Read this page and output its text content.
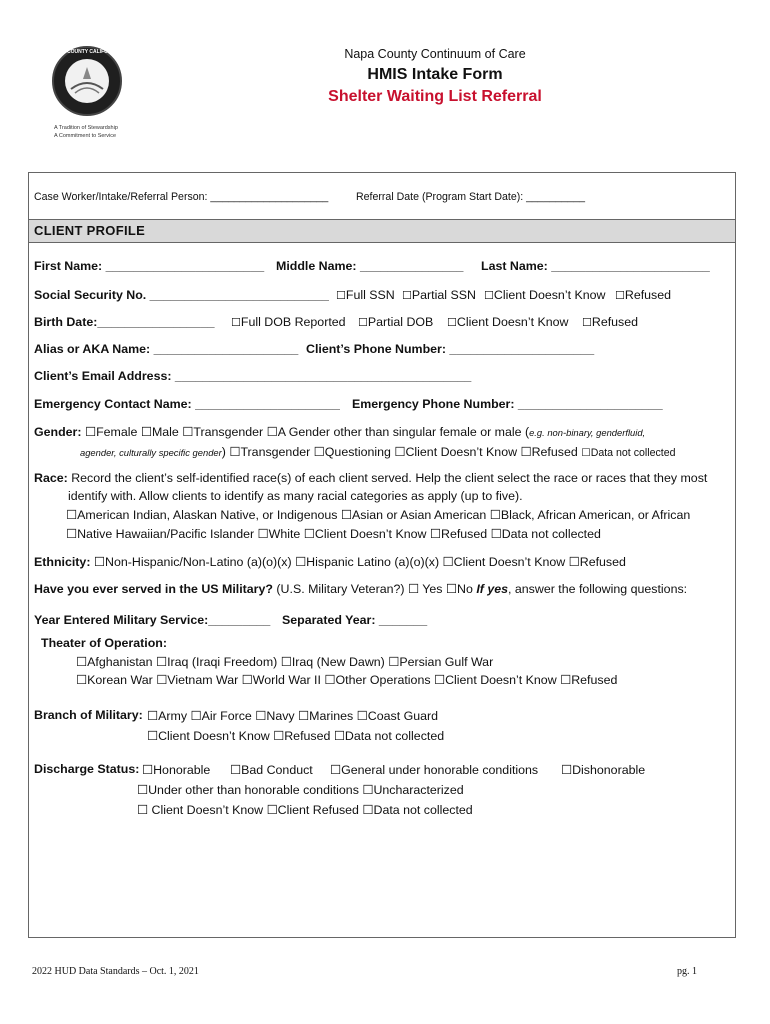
NAPA COUNTY CALIFORNIA
A Tradition of Stewardship
A Commitment to Service
Napa County Continuum of Care
HMIS Intake Form
Shelter Waiting List Referral
Case Worker/Intake/Referral Person: ____________________	Referral Date (Program Start Date): __________
CLIENT PROFILE
First Name: _______________________ Middle Name: _______________ Last Name: _______________________
Social Security No. __________________________ ☐Full SSN ☐Partial SSN ☐Client Doesn’t Know ☐Refused
Birth Date:_________________ ☐Full DOB Reported ☐Partial DOB ☐Client Doesn’t Know ☐Refused
Alias or AKA Name: _____________________ Client’s Phone Number: _____________________
Client’s Email Address: ___________________________________________
Emergency Contact Name: _____________________ Emergency Phone Number: _____________________
Gender: ☐Female ☐Male ☐Transgender ☐A Gender other than singular female or male (e.g. non-binary, genderfluid,
agender, culturally specific gender) ☐Transgender ☐Questioning ☐Client Doesn’t Know ☐Refused ☐Data not collected
Race: Record the client’s self-identified race(s) of each client served. Help the client select the race or races that they most
identify with. Allow clients to identify as many racial categories as apply (up to five).
☐American Indian, Alaskan Native, or Indigenous ☐Asian or Asian American ☐Black, African American, or African
☐Native Hawaiian/Pacific Islander ☐White ☐Client Doesn’t Know ☐Refused ☐Data not collected
Ethnicity: ☐Non-Hispanic/Non-Latino (a)(o)(x) ☐Hispanic Latino (a)(o)(x) ☐Client Doesn’t Know ☐Refused
Have you ever served in the US Military? (U.S. Military Veteran?) ☐ Yes ☐No If yes, answer the following questions:
Year Entered Military Service:_________ Separated Year: _______
Theater of Operation:
☐Afghanistan ☐Iraq (Iraqi Freedom) ☐Iraq (New Dawn) ☐Persian Gulf War
☐Korean War ☐Vietnam War ☐World War II ☐Other Operations ☐Client Doesn’t Know ☐Refused
Branch of Military: ☐Army ☐Air Force ☐Navy ☐Marines ☐Coast Guard
☐Client Doesn’t Know ☐Refused ☐Data not collected
Discharge Status: ☐Honorable ☐Bad Conduct ☐General under honorable conditions ☐Dishonorable
☐Under other than honorable conditions ☐Uncharacterized
☐ Client Doesn’t Know ☐Client Refused ☐Data not collected
2022 HUD Data Standards – Oct. 1, 2021	pg. 1
